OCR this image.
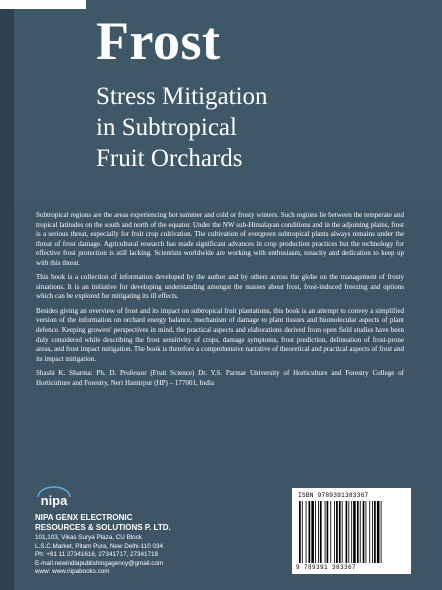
Frost
Stress Mitigation
in Subtropical
Fruit Orchards

Subtropical regions are the areas experiencing hot summer and cold or frosty winters. Such regions lie between the temperate and tropical latitudes on the south and north of the equator. Under the NW sub-Himalayan conditions and in the adjoining plains, frost is a serious threat, especially for fruit crop cultivation. The cultivation of evergreen subtropical plants always remains under the threat of frost damage. Agricultural research has made significant advances in crop production practices but the technology for effective frost protection is still lacking. Scientists worldwide are working with enthusiasm, tenacity and dedication to keep up with this threat.

This book is a collection of information developed by the author and by others across the globe on the management of frosty situations. It is an initiative for developing understanding amongst the masses about frost, frost-induced freezing and options which can be explored for mitigating its ill effects.

Besides giving an overview of frost and its impact on subtropical fruit plantations, this book is an attempt to convey a simplified version of the information on orchard energy balance, mechanism of damage to plant tissues and biomolecular aspects of plant defence. Keeping growers' perspectives in mind, the practical aspects and elaborations derived from open field studies have been duly considered while describing the frost sensitivity of crops, damage symptoms, frost prediction, delineation of frost-prone areas, and frost impact mitigation. The book is therefore a comprehensive narrative of theoretical and practical aspects of frost and its impact mitigation.

Shashi K. Sharma: Ph. D. Professor (Fruit Science) Dr. Y.S. Parmar University of Horticulture and Forestry College of Horticulture and Forestry, Neri Hamirpur (HP) – 177001, India

nipa
NIPA GENX ELECTRONIC
RESOURCES & SOLUTIONS P. LTD.
101,103, Vikas Surya Plaza, CU Block
L.S.C.Market, Pitam Pura, New Delhi-110 034
Ph: +91 11 27341616, 27341717, 27341718
E-mail:newindiapublishingagency@gmail.com
www: www.nipabooks.com
ISBN 9789391383367
9 789391 383367
